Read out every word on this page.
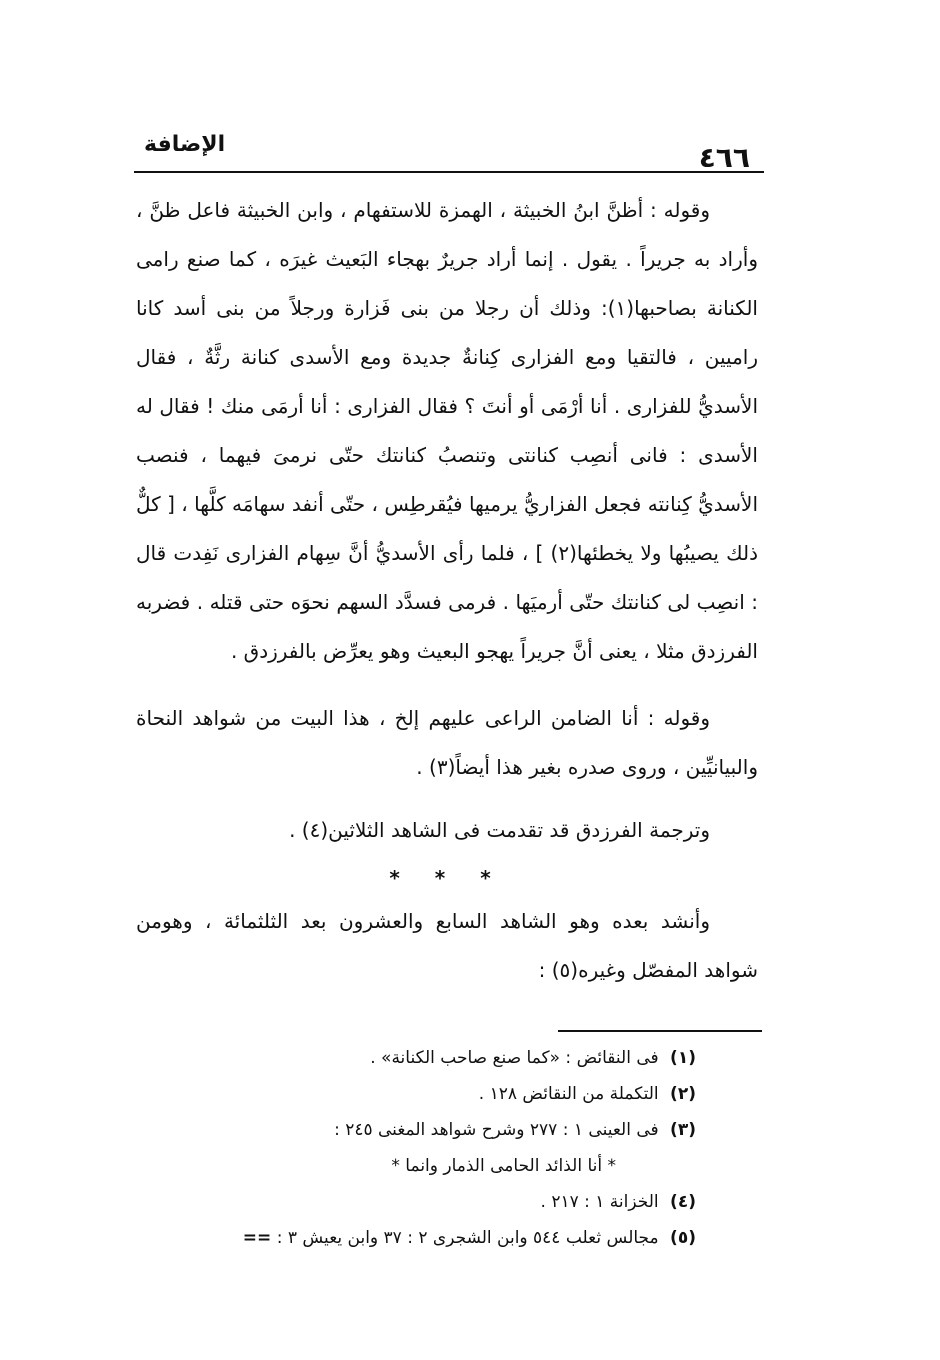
٤٦٦
الإضافة

وقوله : أظنَّ ابنُ الخبيثة ، الهمزة للاستفهام ، وابن الخبيثة فاعل ظنَّ ، وأراد به جريراً . يقول . إنما أراد جريرٌ بهجاء البَعيث غيرَه ، كما صنع رامى الكنانة بصاحبها(١): وذلك أن رجلا من بنى فَزارة ورجلاً من بنى أسد كانا راميين ، فالتقيا ومع الفزارى كِنانةٌ جديدة ومع الأسدى كنانة رثَّةٌ ، فقال الأسديُّ للفزارى . أنا أرْمَى أو أنتَ ؟ فقال الفزارى : أنا أرمَى منك ! فقال له الأسدى : فانى أنصِب كنانتى وتنصبُ كنانتك حتّى نرمىَ فيهما ، فنصب الأسديُّ كِنانته فجعل الفزاريُّ يرميها فيُقرطِس ، حتّى أنفد سهامَه كلَّها ، [ كلٌّ ذلك يصيبُها ولا يخطئها(٢) ] ، فلما رأى الأسديُّ أنَّ سِهام الفزارى نَفِدت قال : انصِب لى كنانتك حتّى أرميَها . فرمى فسدَّد السهم نحوَه حتى قتله . فضربه الفرزدق مثلا ، يعنى أنَّ جريراً يهجو البعيث وهو يعرِّض بالفرزدق .

وقوله : أنا الضامن الراعى عليهم إلخ ، هذا البيت من شواهد النحاة والبيانيِّين ، وروى صدره بغير هذا أيضاً(٣) .

وترجمة الفرزدق قد تقدمت فى الشاهد الثلاثين(٤) .

* * *

وأنشد بعده وهو الشاهد السابع والعشرون بعد الثلثمائة ، وهومن شواهد المفصّل وغيره(٥) :

(١) فى النقائض : «كما صنع صاحب الكنانة» .
(٢) التكملة من النقائض ١٢٨ .
(٣) فى العينى ١ : ٢٧٧ وشرح شواهد المغنى ٢٤٥ :
* أنا الذائد الحامى الذمار وانما *
(٤) الخزانة ١ : ٢١٧ .
(٥) مجالس ثعلب ٥٤٤ وابن الشجرى ٢ : ٣٧ وابن يعيش ٣ : ==
